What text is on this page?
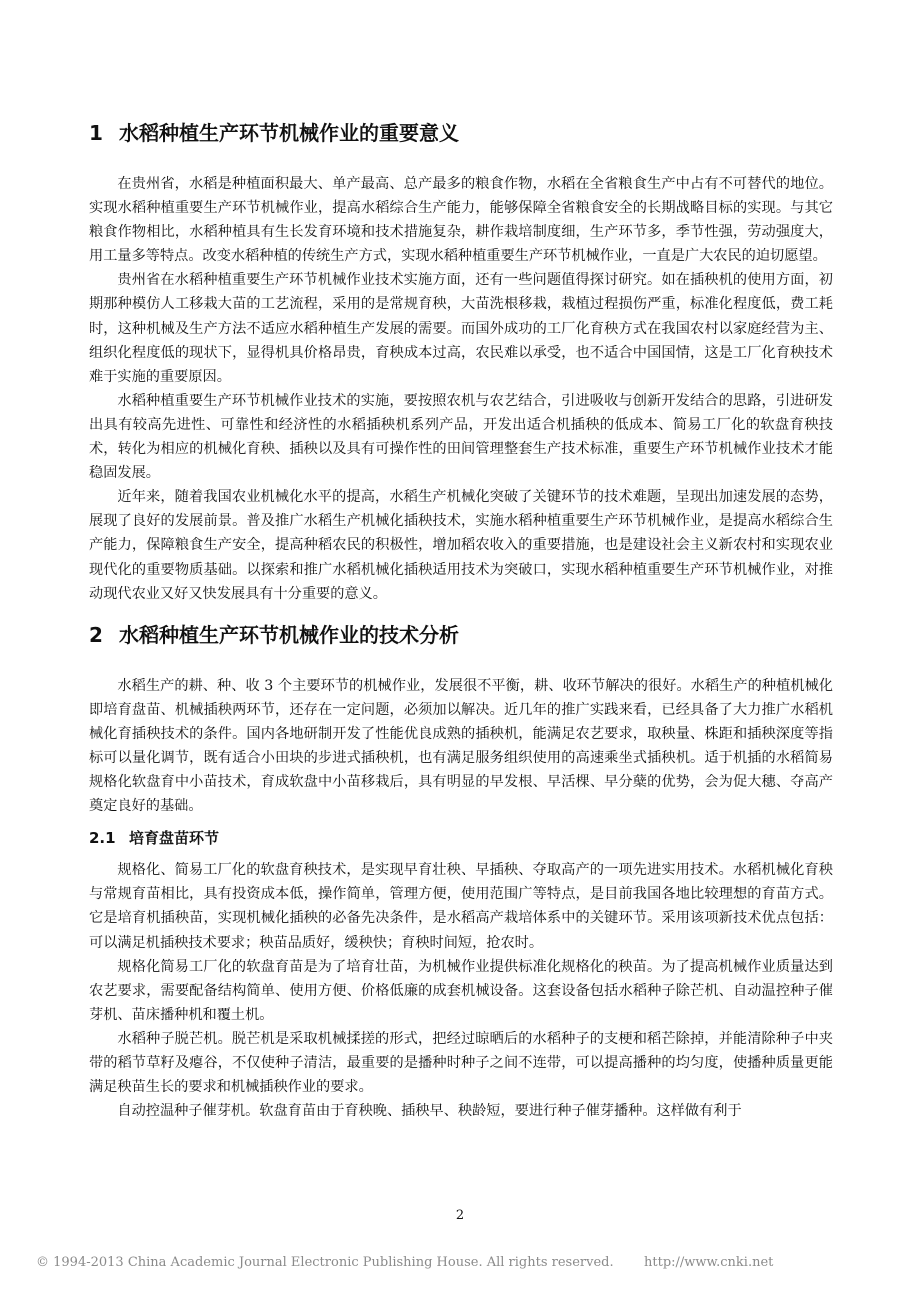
1 水稻种植生产环节机械作业的重要意义

在贵州省，水稻是种植面积最大、单产最高、总产最多的粮食作物，水稻在全省粮食生产中占有不可替代的地位。实现水稻种植重要生产环节机械作业，提高水稻综合生产能力，能够保障全省粮食安全的长期战略目标的实现。与其它粮食作物相比，水稻种植具有生长发育环境和技术措施复杂，耕作栽培制度细，生产环节多，季节性强，劳动强度大，用工量多等特点。改变水稻种植的传统生产方式，实现水稻种植重要生产环节机械作业，一直是广大农民的迫切愿望。

贵州省在水稻种植重要生产环节机械作业技术实施方面，还有一些问题值得探讨研究。如在插秧机的使用方面，初期那种模仿人工移栽大苗的工艺流程，采用的是常规育秧，大苗洗根移栽，栽植过程损伤严重，标准化程度低，费工耗时，这种机械及生产方法不适应水稻种植生产发展的需要。而国外成功的工厂化育秧方式在我国农村以家庭经营为主、组织化程度低的现状下，显得机具价格昂贵，育秧成本过高，农民难以承受，也不适合中国国情，这是工厂化育秧技术难于实施的重要原因。

水稻种植重要生产环节机械作业技术的实施，要按照农机与农艺结合，引进吸收与创新开发结合的思路，引进研发出具有较高先进性、可靠性和经济性的水稻插秧机系列产品，开发出适合机插秧的低成本、简易工厂化的软盘育秧技术，转化为相应的机械化育秧、插秧以及具有可操作性的田间管理整套生产技术标准，重要生产环节机械作业技术才能稳固发展。

近年来，随着我国农业机械化水平的提高，水稻生产机械化突破了关键环节的技术难题，呈现出加速发展的态势，展现了良好的发展前景。普及推广水稻生产机械化插秧技术，实施水稻种植重要生产环节机械作业，是提高水稻综合生产能力，保障粮食生产安全，提高种稻农民的积极性，增加稻农收入的重要措施，也是建设社会主义新农村和实现农业现代化的重要物质基础。以探索和推广水稻机械化插秧适用技术为突破口，实现水稻种植重要生产环节机械作业，对推动现代农业又好又快发展具有十分重要的意义。

2 水稻种植生产环节机械作业的技术分析

水稻生产的耕、种、收 3 个主要环节的机械作业，发展很不平衡，耕、收环节解决的很好。水稻生产的种植机械化即培育盘苗、机械插秧两环节，还存在一定问题，必须加以解决。近几年的推广实践来看，已经具备了大力推广水稻机械化育插秧技术的条件。国内各地研制开发了性能优良成熟的插秧机，能满足农艺要求，取秧量、株距和插秧深度等指标可以量化调节，既有适合小田块的步进式插秧机，也有满足服务组织使用的高速乘坐式插秧机。适于机插的水稻简易规格化软盘育中小苗技术，育成软盘中小苗移栽后，具有明显的早发根、早活棵、早分蘖的优势，会为促大穗、夺高产奠定良好的基础。

2.1 培育盘苗环节

规格化、简易工厂化的软盘育秧技术，是实现早育壮秧、早插秧、夺取高产的一项先进实用技术。水稻机械化育秧与常规育苗相比，具有投资成本低，操作简单，管理方便，使用范围广等特点，是目前我国各地比较理想的育苗方式。它是培育机插秧苗，实现机械化插秧的必备先决条件，是水稻高产栽培体系中的关键环节。采用该项新技术优点包括：可以满足机插秧技术要求；秧苗品质好，缓秧快；育秧时间短，抢农时。

规格化简易工厂化的软盘育苗是为了培育壮苗，为机械作业提供标准化规格化的秧苗。为了提高机械作业质量达到农艺要求，需要配备结构简单、使用方便、价格低廉的成套机械设备。这套设备包括水稻种子除芒机、自动温控种子催芽机、苗床播种机和覆土机。

水稻种子脱芒机。脱芒机是采取机械揉搓的形式，把经过晾晒后的水稻种子的支梗和稻芒除掉，并能清除种子中夹带的稻节草籽及瘪谷，不仅使种子清洁，最重要的是播种时种子之间不连带，可以提高播种的均匀度，使播种质量更能满足秧苗生长的要求和机械插秧作业的要求。

自动控温种子催芽机。软盘育苗由于育秧晚、插秧早、秧龄短，要进行种子催芽播种。这样做有利于

2
© 1994-2013 China Academic Journal Electronic Publishing House. All rights reserved. http://www.cnki.net
